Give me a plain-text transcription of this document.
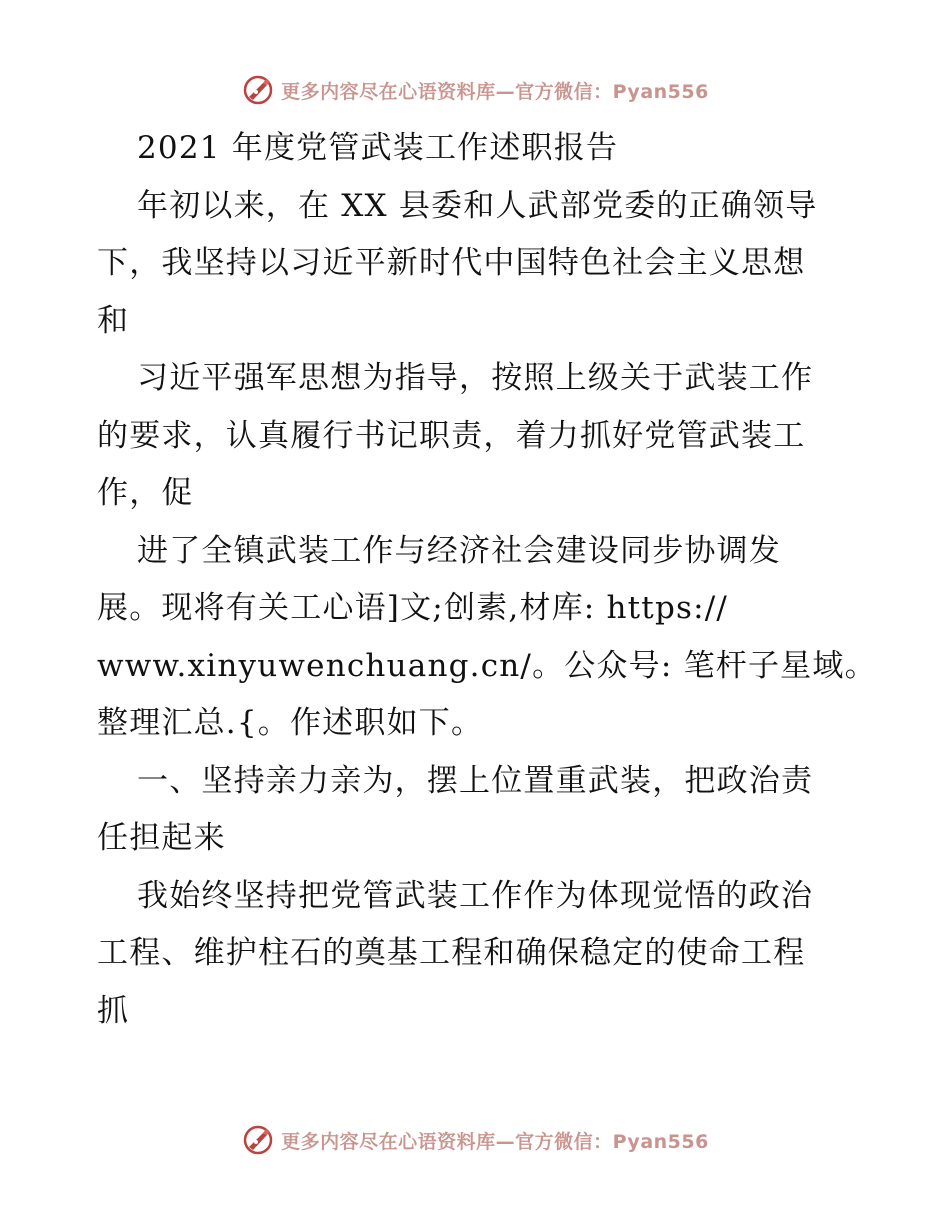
更多内容尽在心语资料库—官方微信：Pyan556
2021 年度党管武装工作述职报告
年初以来，在 XX 县委和人武部党委的正确领导
下，我坚持以习近平新时代中国特色社会主义思想
和
习近平强军思想为指导，按照上级关于武装工作
的要求，认真履行书记职责，着力抓好党管武装工
作，促
进了全镇武装工作与经济社会建设同步协调发
展。现将有关工心语]文;创素,材库: https://
www.xinyuwenchuang.cn/。公众号: 笔杆子星域。
整理汇总.{。作述职如下。
一、坚持亲力亲为，摆上位置重武装，把政治责
任担起来
我始终坚持把党管武装工作作为体现觉悟的政治
工程、维护柱石的奠基工程和确保稳定的使命工程
抓
更多内容尽在心语资料库—官方微信：Pyan556
